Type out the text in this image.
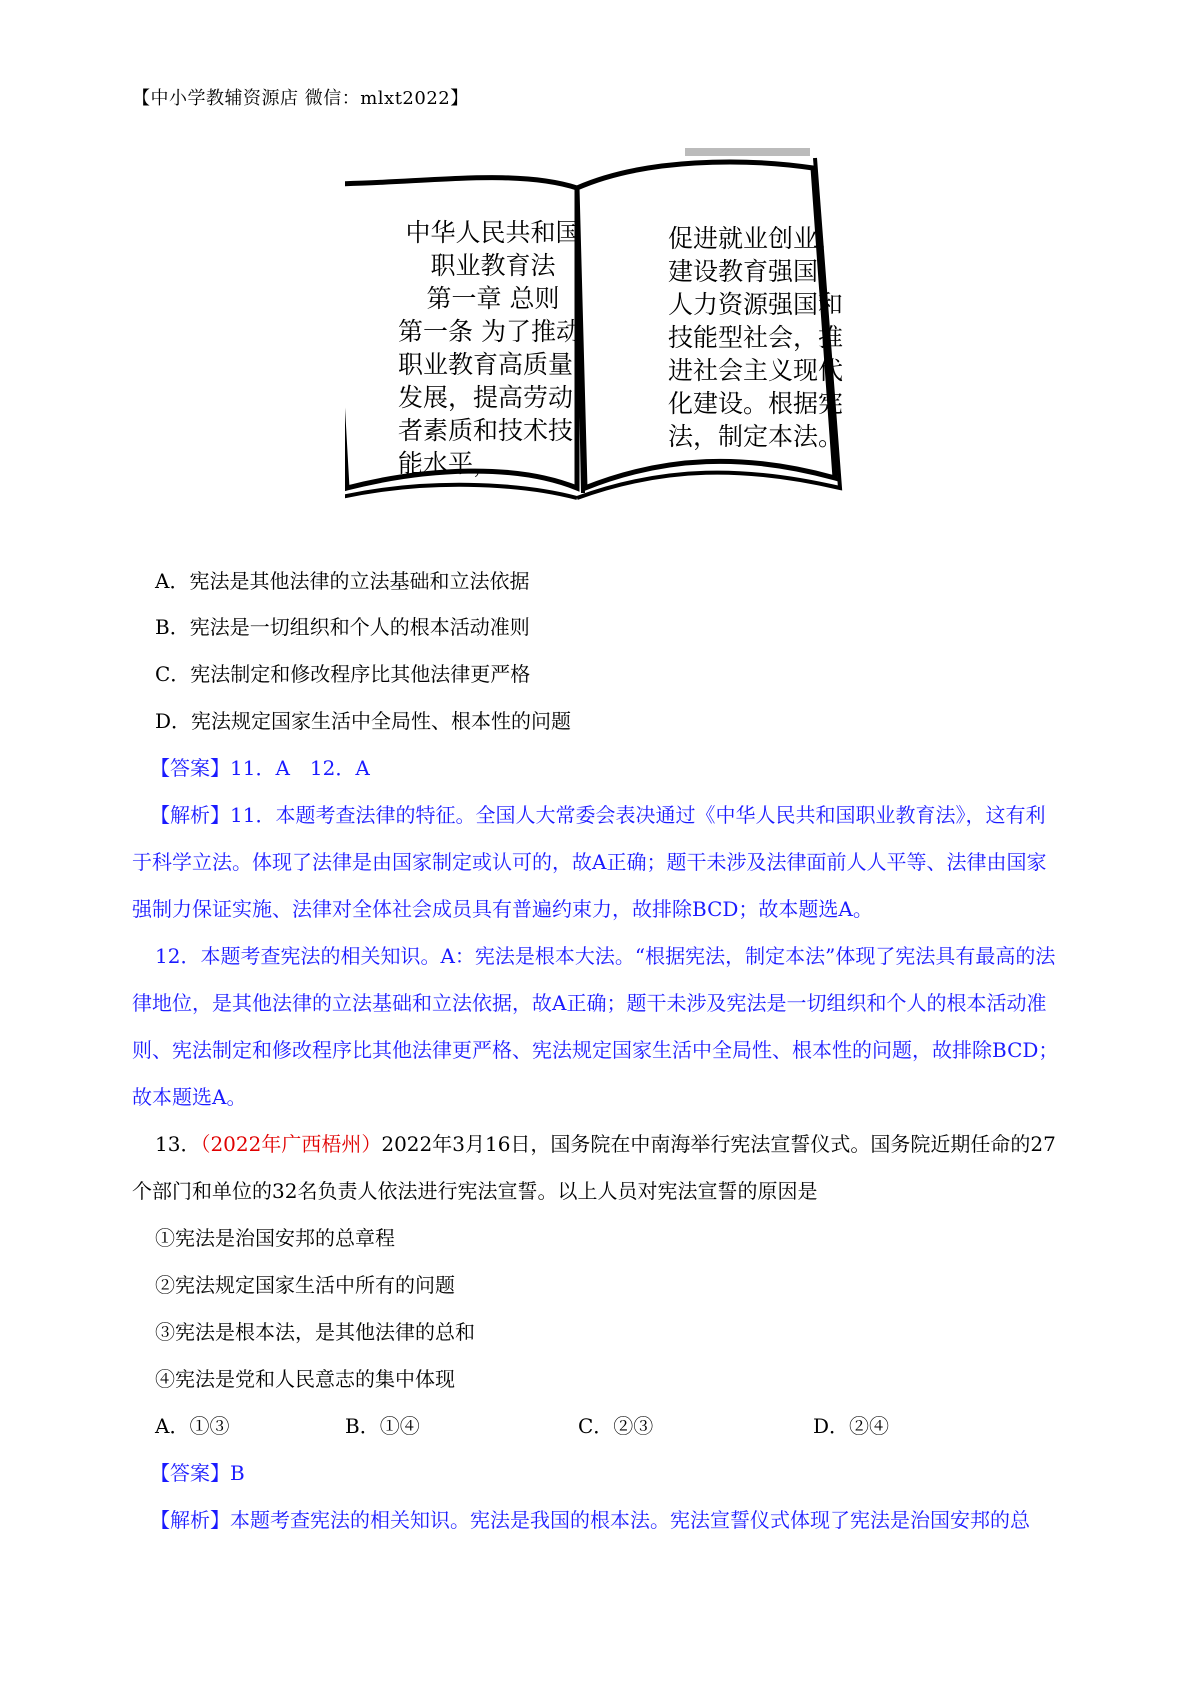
【中小学教辅资源店 微信：mlxt2022】
中华人民共和国
职业教育法
第一章 总则
第一条 为了推动
职业教育高质量
发展，提高劳动
者素质和技术技
能水平，
促进就业创业，
建设教育强国、
人力资源强国和
技能型社会，推
进社会主义现代
化建设。根据宪
法，制定本法。
A．宪法是其他法律的立法基础和立法依据
B．宪法是一切组织和个人的根本活动准则
C．宪法制定和修改程序比其他法律更严格
D．宪法规定国家生活中全局性、根本性的问题
【答案】11．A　12．A
【解析】11．本题考查法律的特征。全国人大常委会表决通过《中华人民共和国职业教育法》，这有利
于科学立法。体现了法律是由国家制定或认可的，故A正确；题干未涉及法律面前人人平等、法律由国家
强制力保证实施、法律对全体社会成员具有普遍约束力，故排除BCD；故本题选A。
12．本题考查宪法的相关知识。A：宪法是根本大法。“根据宪法，制定本法”体现了宪法具有最高的法
律地位，是其他法律的立法基础和立法依据，故A正确；题干未涉及宪法是一切组织和个人的根本活动准
则、宪法制定和修改程序比其他法律更严格、宪法规定国家生活中全局性、根本性的问题，故排除BCD；
故本题选A。
13．（2022年广西梧州）2022年3月16日，国务院在中南海举行宪法宣誓仪式。国务院近期任命的27
个部门和单位的32名负责人依法进行宪法宣誓。以上人员对宪法宣誓的原因是
①宪法是治国安邦的总章程
②宪法规定国家生活中所有的问题
③宪法是根本法，是其他法律的总和
④宪法是党和人民意志的集中体现
A．①③	B．①④	C．②③	D．②④
【答案】B
【解析】本题考查宪法的相关知识。宪法是我国的根本法。宪法宣誓仪式体现了宪法是治国安邦的总
